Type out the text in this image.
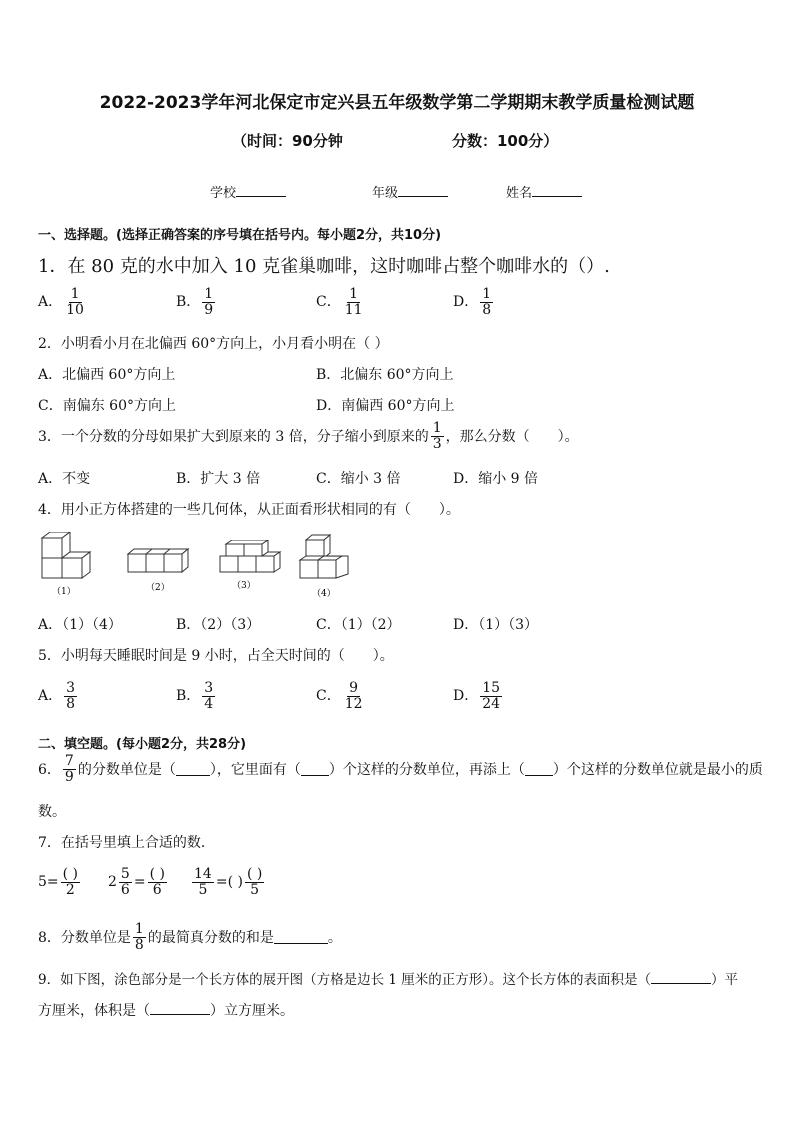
2022-2023学年河北保定市定兴县五年级数学第二学期期末教学质量检测试题
（时间：90分钟	分数：100分）
学校	年级	姓名
一、选择题。(选择正确答案的序号填在括号内。每小题2分，共10分)
1．在 80 克的水中加入 10 克雀巢咖啡，这时咖啡占整个咖啡水的（）.
A． $\frac{1}{10}$	B． $\frac{1}{9}$	C． $\frac{1}{11}$	D． $\frac{1}{8}$
2．小明看小月在北偏西 60°方向上，小月看小明在（ ）
A．北偏西 60°方向上	B．北偏东 60°方向上
C．南偏东 60°方向上	D．南偏西 60°方向上
3．一个分数的分母如果扩大到原来的 3 倍，分子缩小到原来的 $\frac{1}{3}$ ，那么分数（　　）。
A．不变	B．扩大 3 倍	C．缩小 3 倍	D．缩小 9 倍
4．用小正方体搭建的一些几何体，从正面看形状相同的有（　　）。
（1）	（2）	（3）
（4）
A．（1）（4）	B．（2）（3）	C．（1）（2）	D．（1）（3）
5．小明每天睡眠时间是 9 小时，占全天时间的（　　）。
A． $\frac{3}{8}$	B． $\frac{3}{4}$	C． $\frac{9}{12}$	D． $\frac{15}{24}$
二、填空题。(每小题2分，共28分)
6． $\frac{7}{9}$ 的分数单位是（ ），它里面有（ ）个这样的分数单位，再添上（ ）个这样的分数单位就是最小的质
数。
7．在括号里填上合适的数．
$5= \frac{( )}{2} 2 \frac{5}{6} = \frac{( )}{6} \frac{14}{5}$ = ( ) $\frac{( )}{5}$
8．分数单位是 $\frac{1}{8}$ 的最简真分数的和是	。
9．如下图，涂色部分是一个长方体的展开图（方格是边长 1 厘米的正方形）。这个长方体的表面积是（	）平
方厘米，体积是（	）立方厘米。
